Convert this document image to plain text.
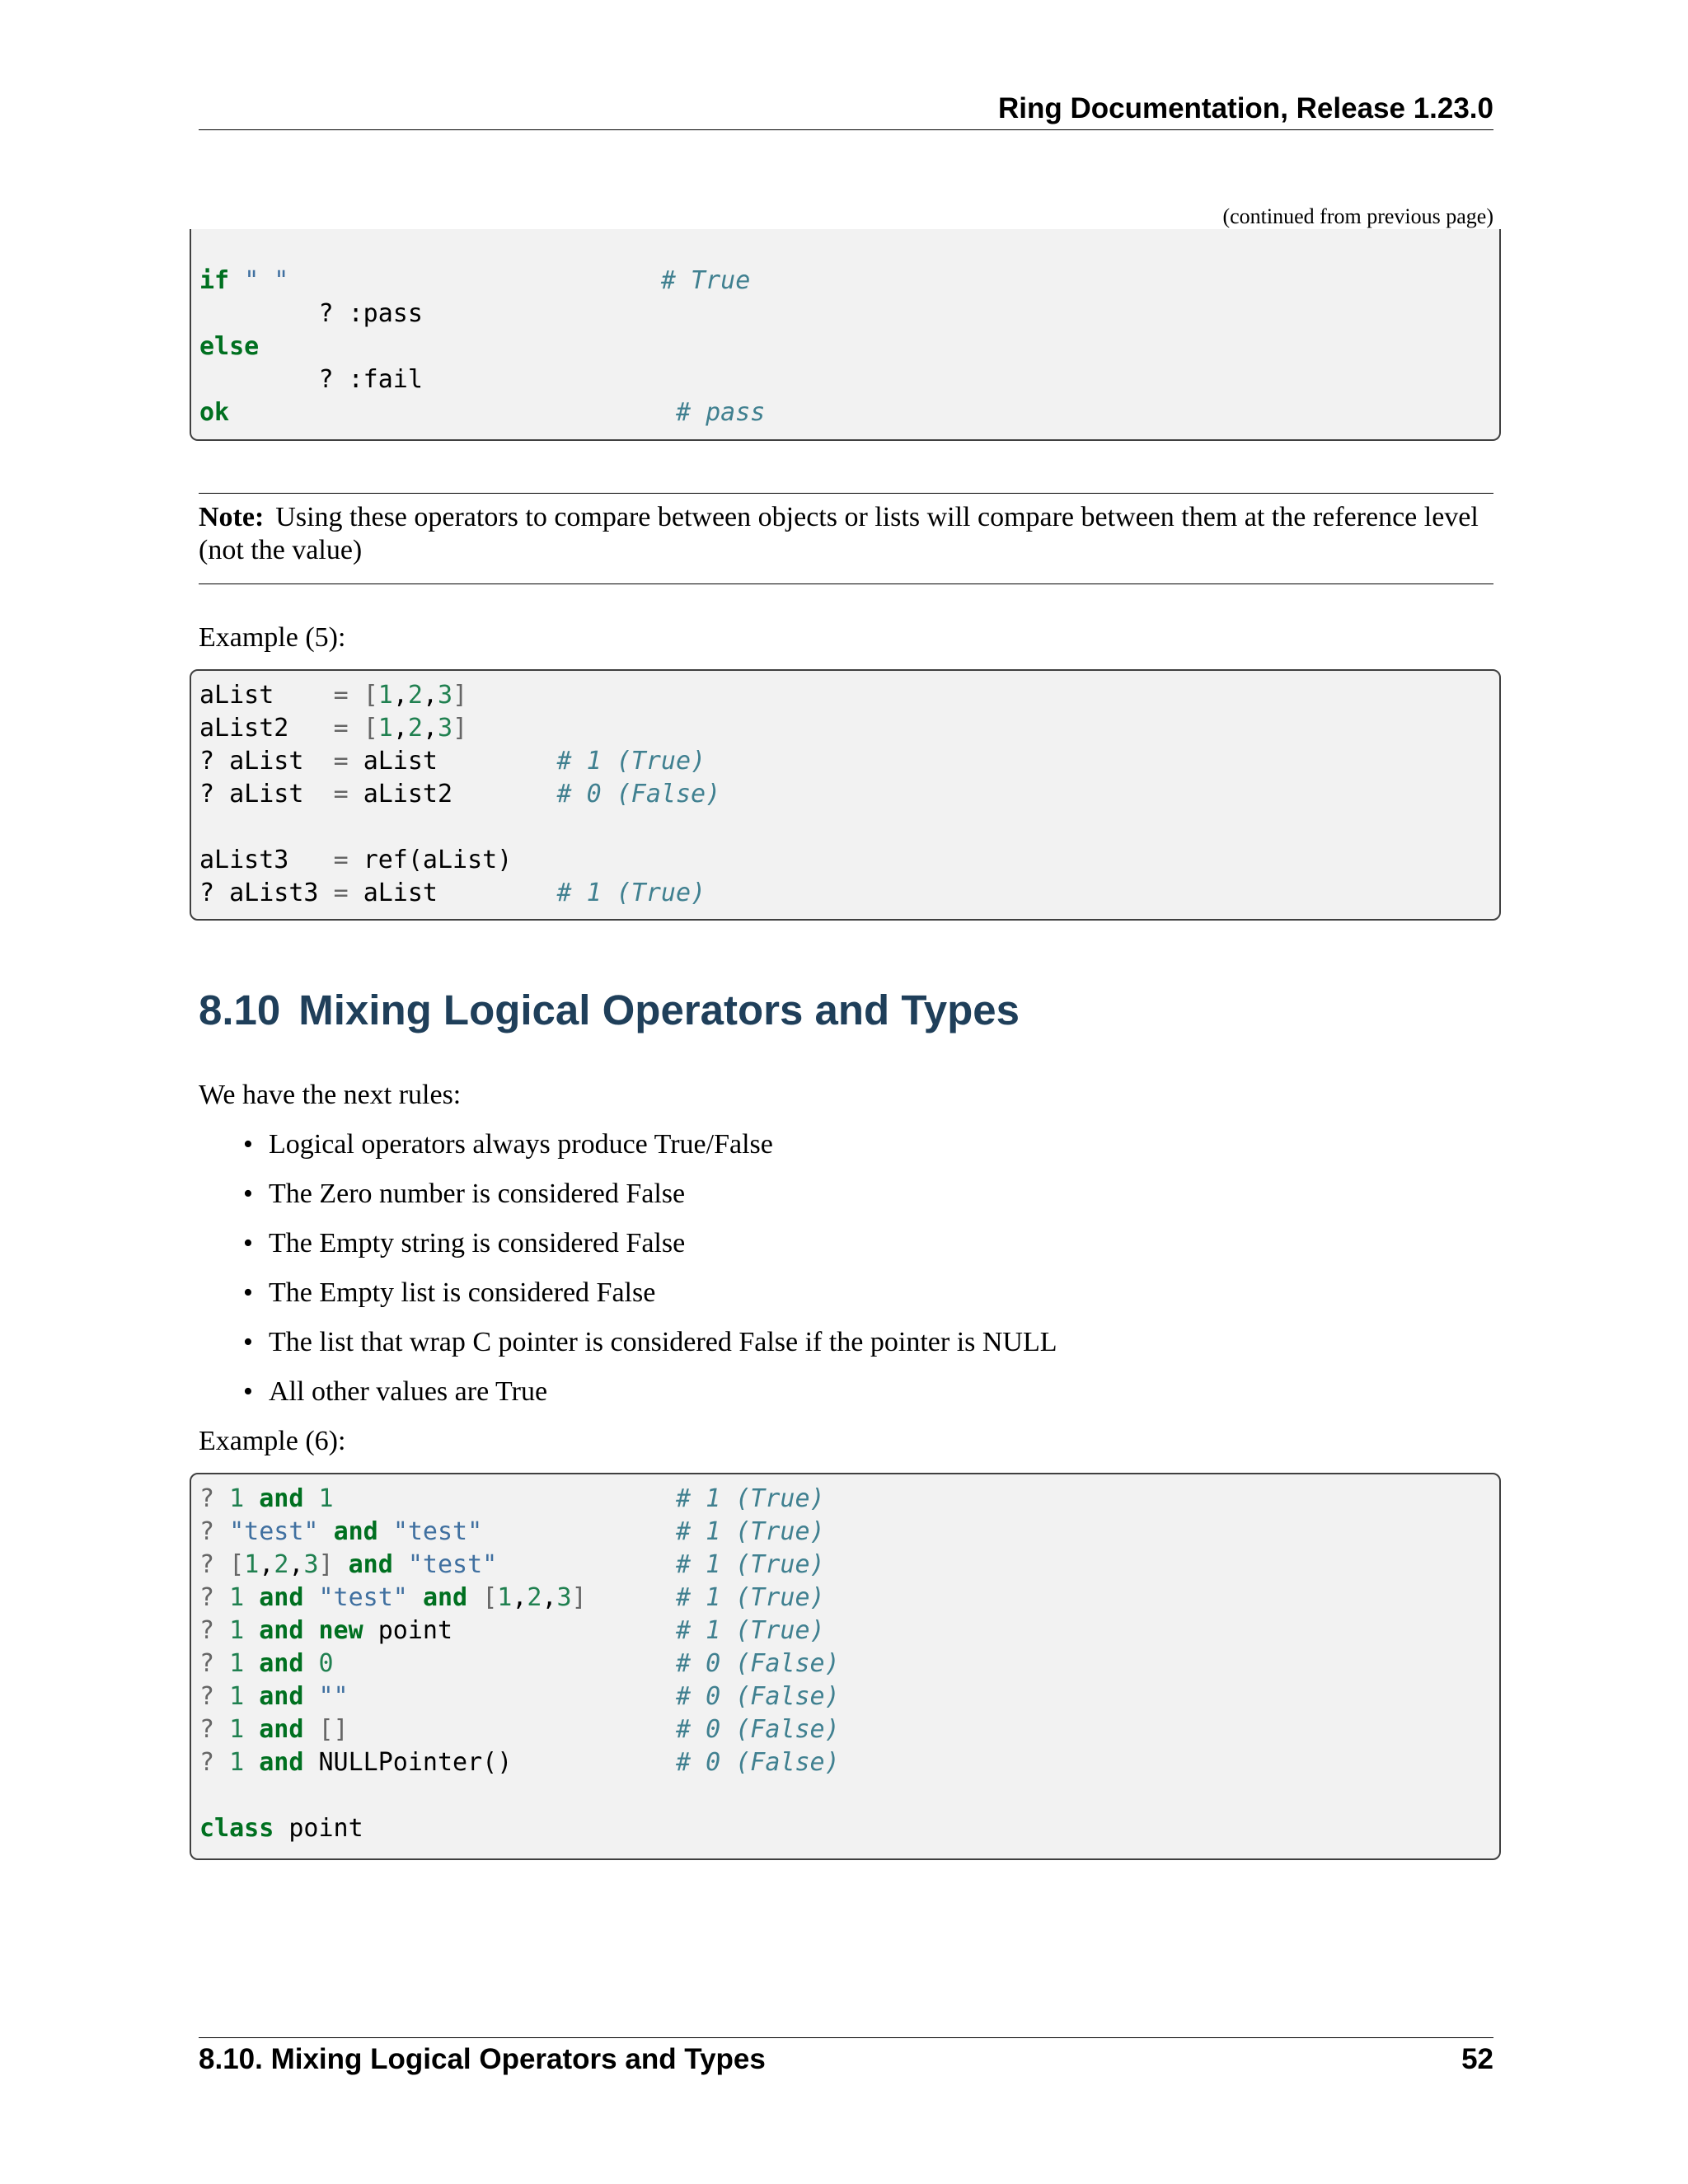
Ring Documentation, Release 1.23.0
(continued from previous page)
if " "	# True
? :pass
else
? :fail
ok	# pass
Note: Using these operators to compare between objects or lists will compare between them at the reference level (not the value)
Example (5):
aList = [1,2,3]
aList2 = [1,2,3]
? aList = aList	# 1 (True)
? aList = aList2	# 0 (False)
aList3 = ref(aList)
? aList3 = aList	# 1 (True)
8.10 Mixing Logical Operators and Types
We have the next rules:
• Logical operators always produce True/False
• The Zero number is considered False
• The Empty string is considered False
• The Empty list is considered False
• The list that wrap C pointer is considered False if the pointer is NULL
• All other values are True
Example (6):
? 1 and 1	# 1 (True)
? "test" and "test"	# 1 (True)
? [1,2,3] and "test"	# 1 (True)
? 1 and "test" and [1,2,3]	# 1 (True)
? 1 and new point	# 1 (True)
? 1 and 0	# 0 (False)
? 1 and ""	# 0 (False)
? 1 and []	# 0 (False)
? 1 and NULLPointer()	# 0 (False)
class point
8.10. Mixing Logical Operators and Types	52
